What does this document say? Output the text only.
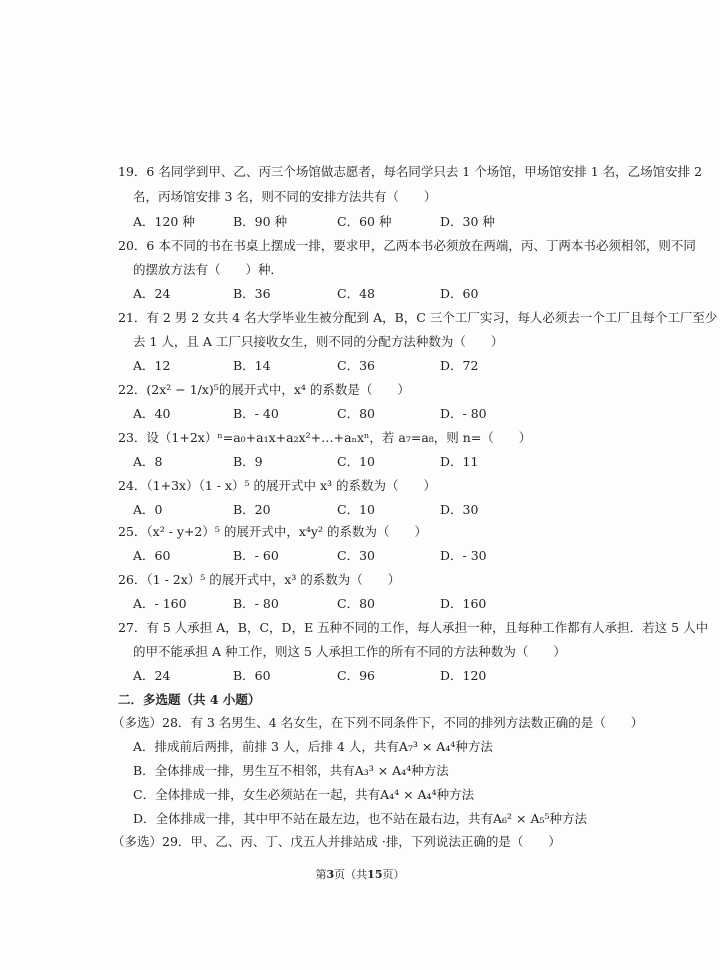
19．6 名同学到甲、乙、丙三个场馆做志愿者，每名同学只去 1 个场馆，甲场馆安排 1 名，乙场馆安排 2
名，丙场馆安排 3 名，则不同的安排方法共有（　　）
A．120 种	B．90 种	C．60 种	D．30 种
20．6 本不同的书在书桌上摆成一排，要求甲，乙两本书必须放在两端，丙、丁两本书必须相邻，则不同
的摆放方法有（　　）种．
A．24	B．36	C．48	D．60
21．有 2 男 2 女共 4 名大学毕业生被分配到 A，B，C 三个工厂实习，每人必须去一个工厂且每个工厂至少
去 1 人，且 A 工厂只接收女生，则不同的分配方法种数为（　　）
A．12	B．14	C．36	D．72
22．(2x² − 1/x)⁵的展开式中，x⁴ 的系数是（　　）
A．40	B．- 40	C．80	D．- 80
23．设（1+2x）ⁿ=a₀+a₁x+a₂x²+…+aₙxⁿ，若 a₇=a₈，则 n=（　　）
A．8	B．9	C．10	D．11
24．（1+3x）（1 - x）⁵ 的展开式中 x³ 的系数为（　　）
A．0	B．20	C．10	D．30
25．（x² - y+2）⁵ 的展开式中，x⁴y² 的系数为（　　）
A．60	B．- 60	C．30	D．- 30
26．（1 - 2x）⁵ 的展开式中，x³ 的系数为（　　）
A．- 160	B．- 80	C．80	D．160
27．有 5 人承担 A，B，C，D，E 五种不同的工作，每人承担一种，且每种工作都有人承担．若这 5 人中
的甲不能承担 A 种工作，则这 5 人承担工作的所有不同的方法种数为（　　）
A．24	B．60	C．96	D．120
二．多选题（共 4 小题）
（多选）28．有 3 名男生、4 名女生，在下列不同条件下，不同的排列方法数正确的是（　　）
A．排成前后两排，前排 3 人，后排 4 人，共有A₇³ × A₄⁴种方法
B．全体排成一排，男生互不相邻，共有A₃³ × A₄⁴种方法
C．全体排成一排，女生必须站在一起，共有A₄⁴ × A₄⁴种方法
D．全体排成一排，其中甲不站在最左边，也不站在最右边，共有A₆² × A₅⁵种方法
（多选）29．甲、乙、丙、丁、戊五人并排站成 ·排，下列说法正确的是（　　）
第3页（共15页）
